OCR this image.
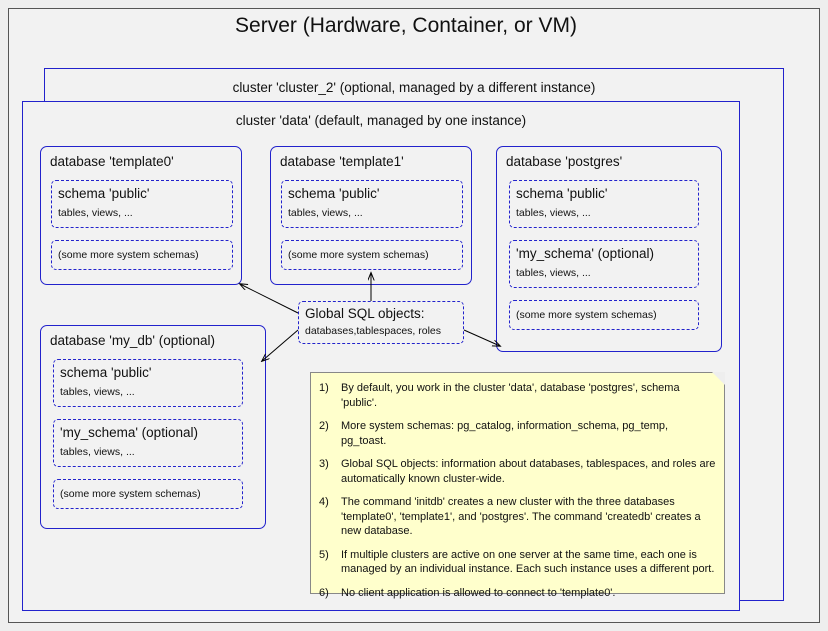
Server (Hardware, Container, or VM)
cluster 'cluster_2' (optional, managed by a different instance)
cluster 'data' (default, managed by one instance)
database 'template0'
schema 'public'
tables, views, ...
(some more system schemas)
database 'template1'
schema 'public'
tables, views, ...
(some more system schemas)
database 'postgres'
schema 'public'
tables, views, ...
'my_schema' (optional)
tables, views, ...
(some more system schemas)
database 'my_db' (optional)
schema 'public'
tables, views, ...
'my_schema' (optional)
tables, views, ...
(some more system schemas)
Global SQL objects:
databases,tablespaces, roles
1)	By default, you work in the cluster 'data', database 'postgres', schema 'public'.
2)	More system schemas: pg_catalog, information_schema, pg_temp, pg_toast.
3)	Global SQL objects: information about databases, tablespaces, and roles are automatically known cluster-wide.
4)	The command 'initdb' creates a new cluster with the three databases 'template0', 'template1', and 'postgres'. The command 'createdb' creates a new database.
5)	If multiple clusters are active on one server at the same time, each one is managed by an individual instance. Each such instance uses a different port.
6)	No client application is allowed to connect to 'template0'.
